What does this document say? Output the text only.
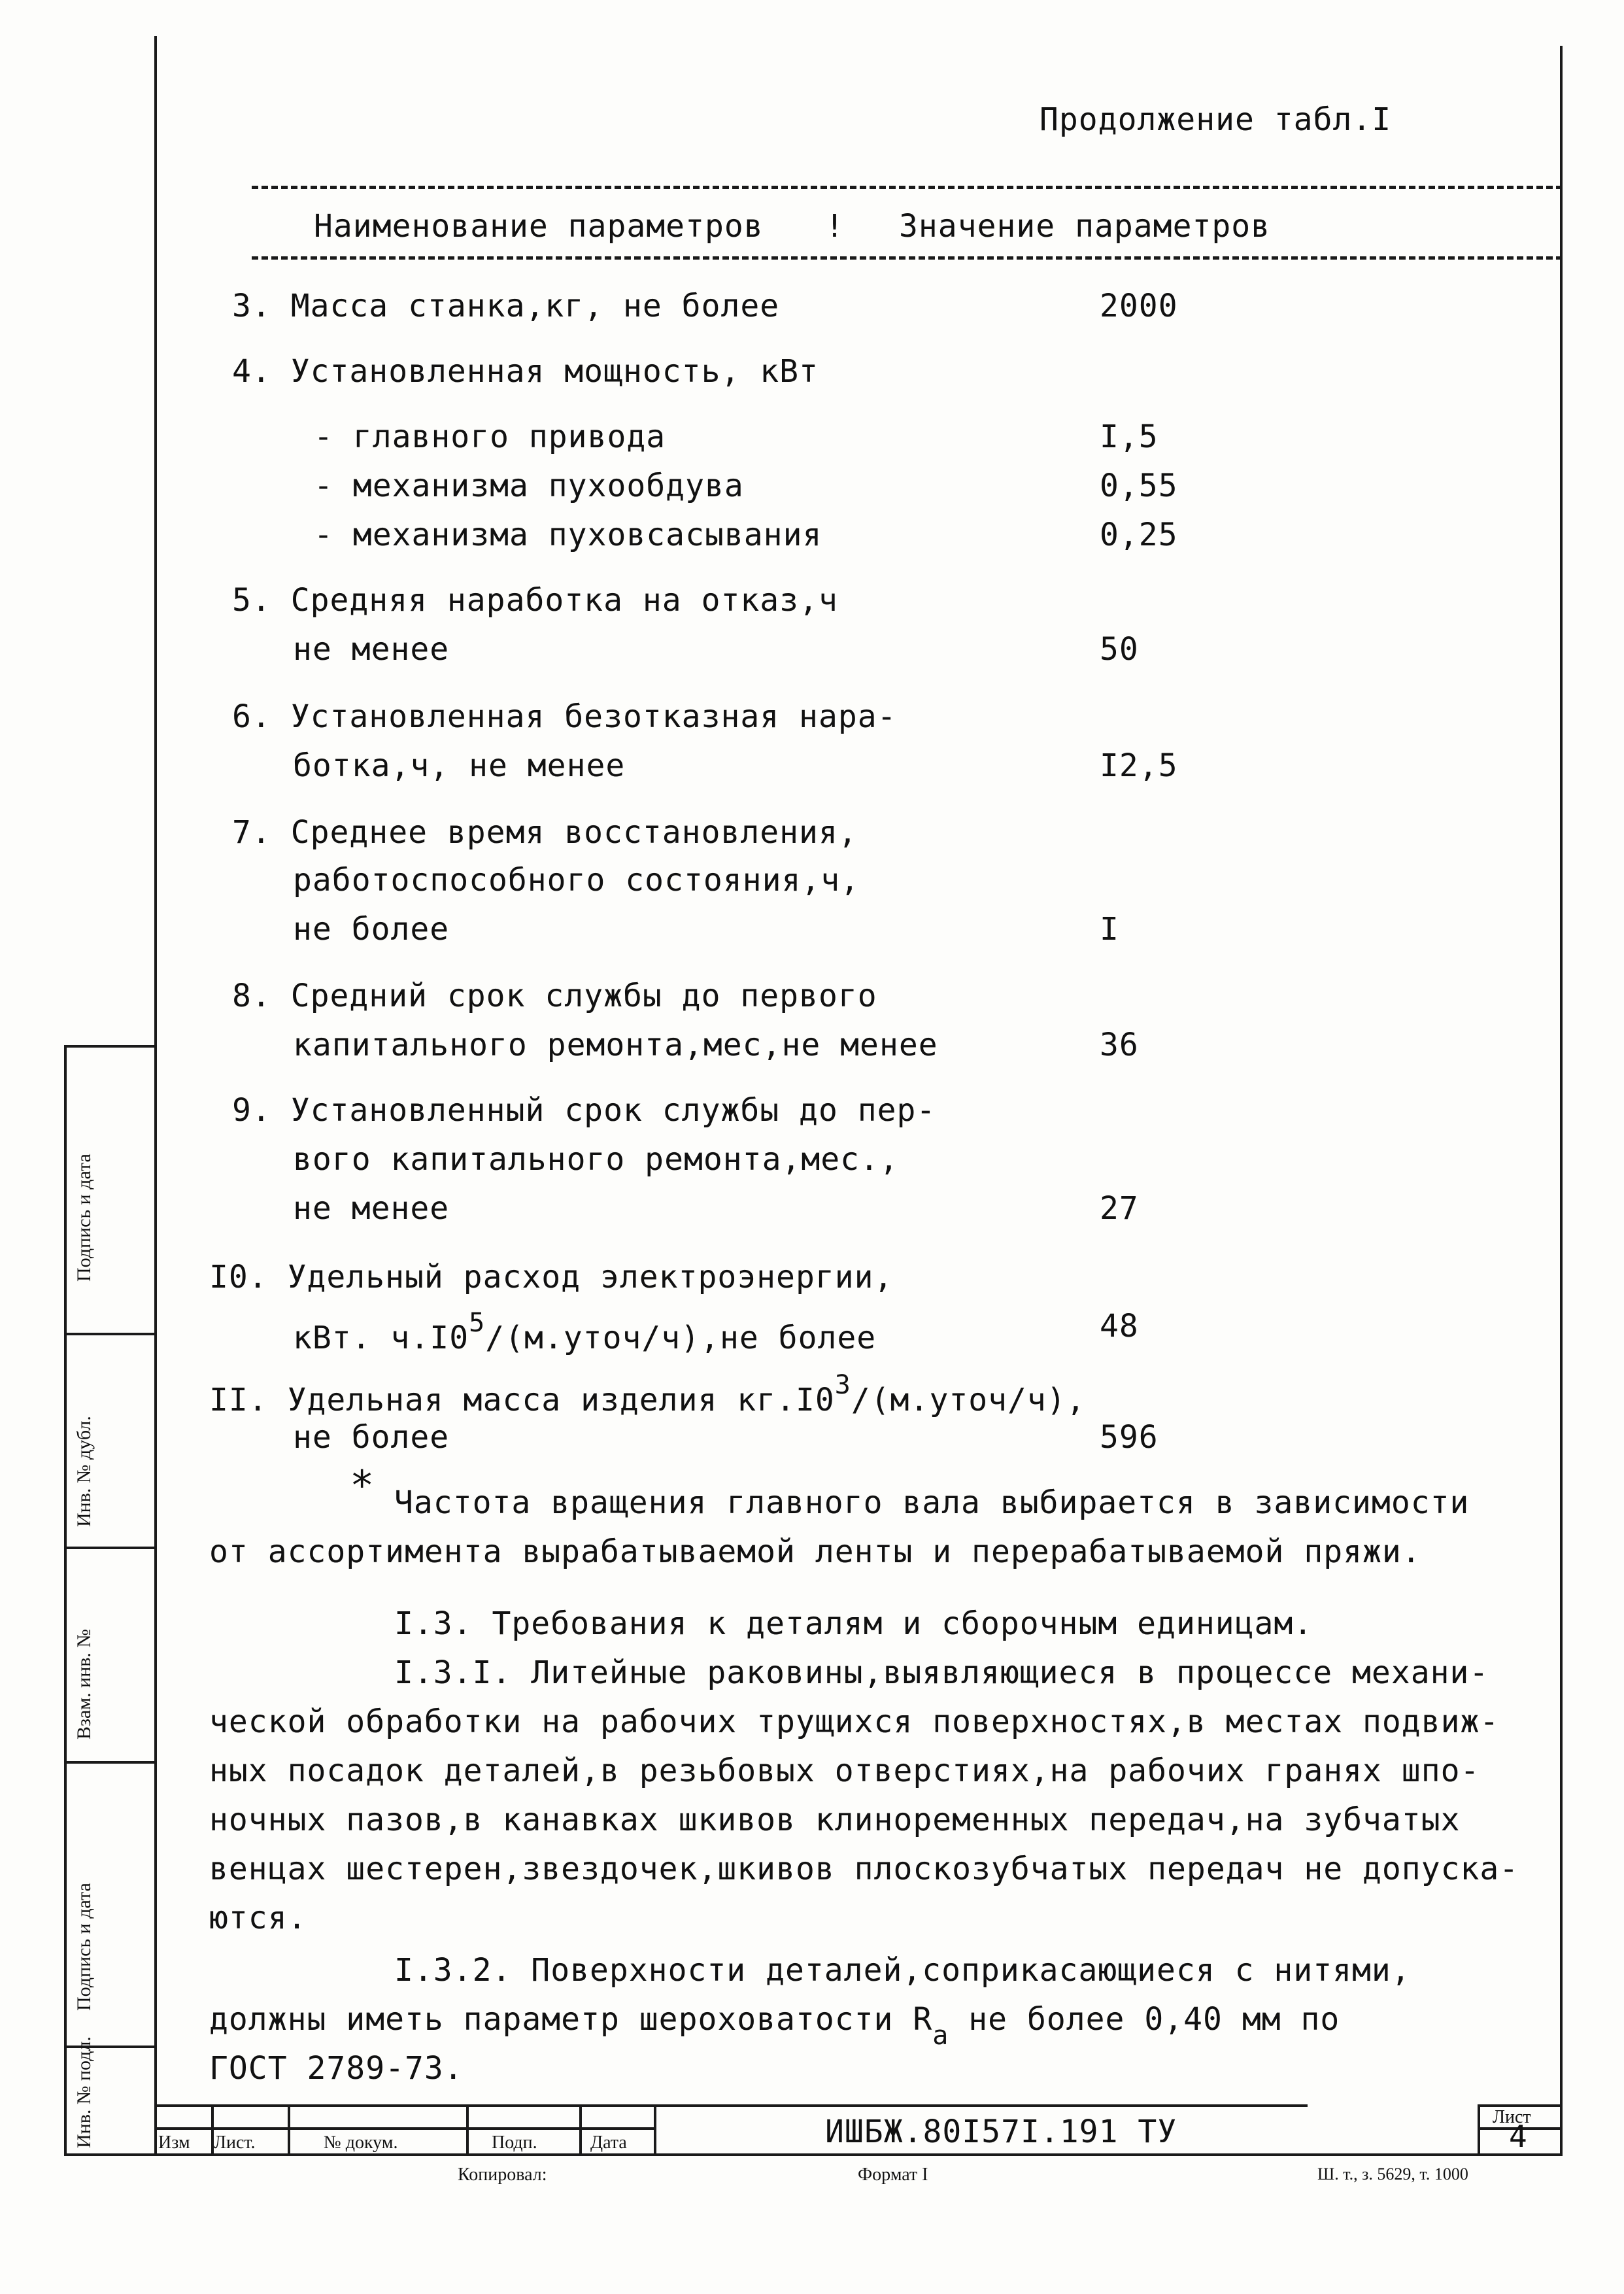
Подпись и дата
Инв. № дубл.
Взам. инв. №
Подпись и дата
Инв. № подл.
Продолжение табл.I
Наименование параметров ! Значение параметров
3. Масса станка,кг, не более	2000
4. Установленная мощность, кВт
- главного привода	I,5
- механизма пухообдува	0,55
- механизма пуховсасывания	0,25
5. Средняя наработка на отказ,ч
не менее	50
6. Установленная безотказная нара-
ботка,ч, не менее	I2,5
7. Среднее время восстановления,
работоспособного состояния,ч,
не более	I
8. Средний срок службы до первого
капитального ремонта,мес,не менее	36
9. Установленный срок службы до пер-
вого капитального ремонта,мес.,
не менее	27
I0. Удельный расход электроэнергии,
кВт. $ч.I0^5/(м.уточ/ч),не$ более	48
II. Удельная масса изделия $кг.I0^3/(м.уточ/ч)$,
не более	596
* Частота вращения главного вала выбирается в зависимости
от ассортимента вырабатываемой ленты и перерабатываемой пряжи.
I.3. Требования к деталям и сборочным единицам.
I.3.I. Литейные раковины,выявляющиеся в процессе механи-
ческой обработки на рабочих трущихся поверхностях,в местах подвиж-
ных посадок деталей,в резьбовых отверстиях,на рабочих гранях шпо-
ночных пазов,в канавках шкивов клиноременных передач,на зубчатых
венцах шестерен,звездочек,шкивов плоскозубчатых передач не допуска-
ются.
I.3.2. Поверхности деталей,соприкасающиеся с нитями,
должны иметь параметр шероховатости $R_a$ не более 0,40 мм по
ГОСТ 2789-73.
Изм Лист.	№ докум.	Подп.	Дата	ИШБЖ.80I57I.191 ТУ	Лист
4
Копировал:	Формат I	Ш. т., з. 5629, т. 1000
